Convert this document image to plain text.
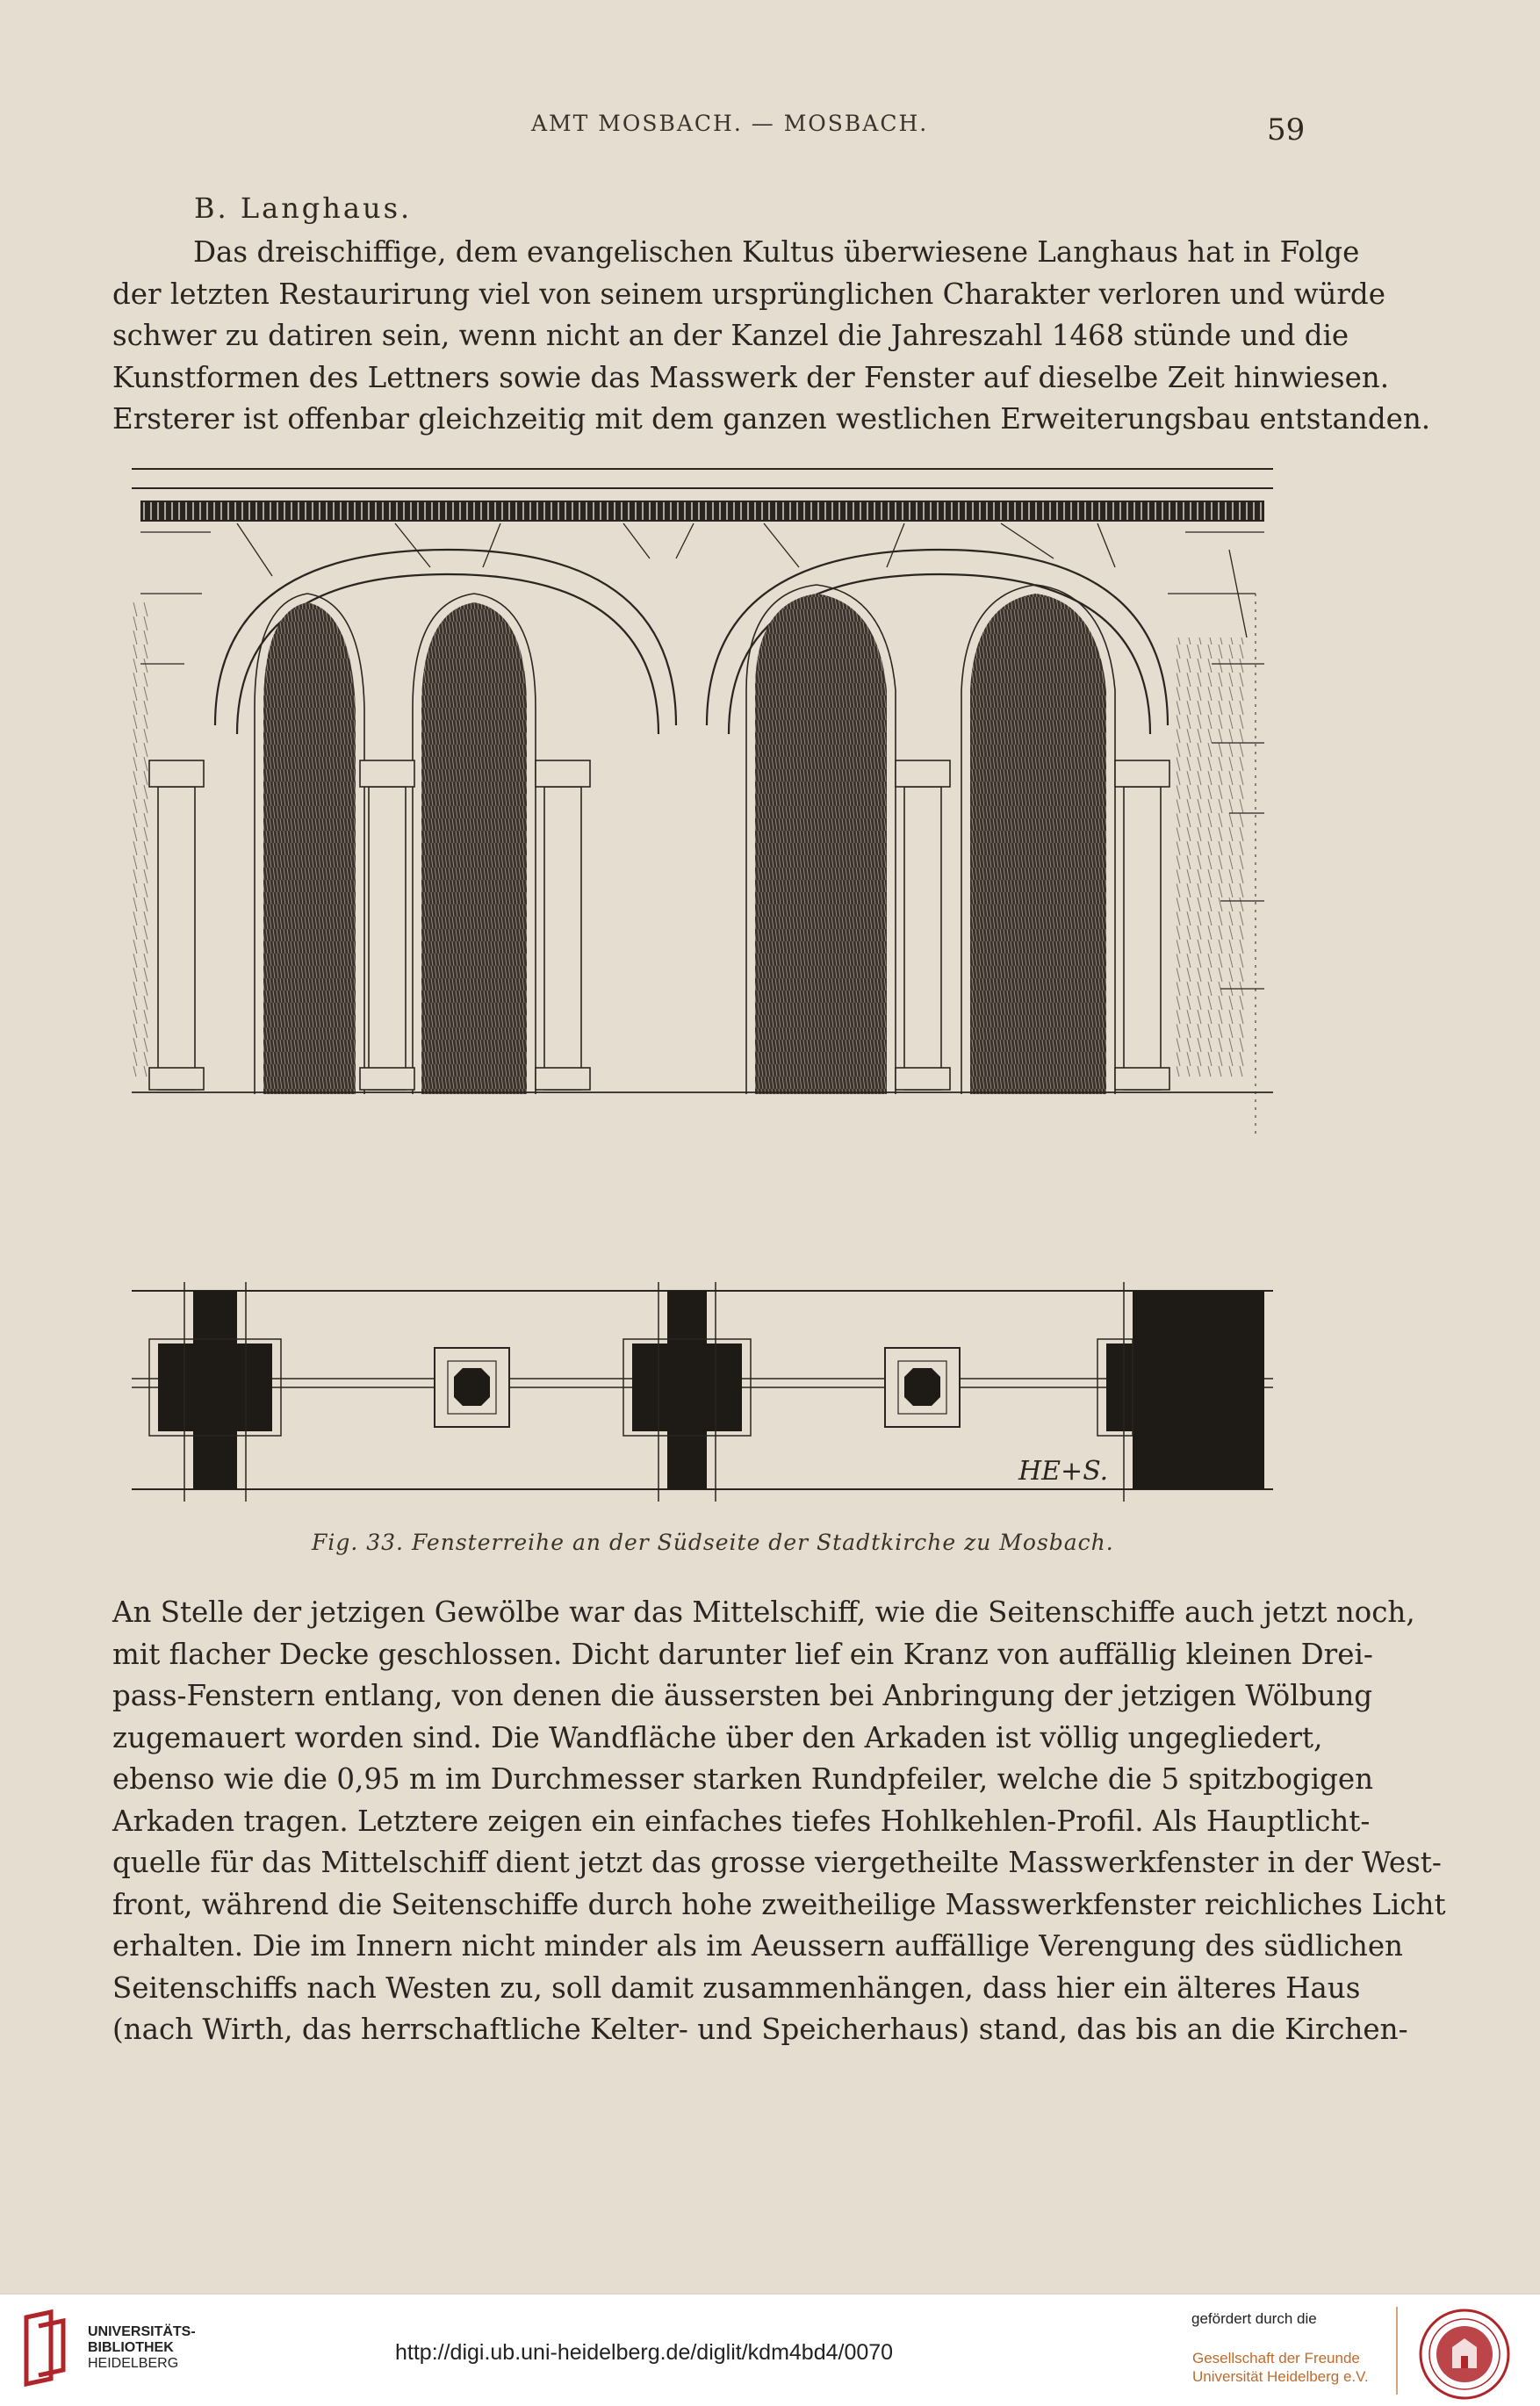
AMT MOSBACH. — MOSBACH.	59
B. Langhaus.
Das dreischiffige, dem evangelischen Kultus überwiesene Langhaus hat in Folge
der letzten Restaurirung viel von seinem ursprünglichen Charakter verloren und würde
schwer zu datiren sein, wenn nicht an der Kanzel die Jahreszahl 1468 stünde und die
Kunstformen des Lettners sowie das Masswerk der Fenster auf dieselbe Zeit hinwiesen.
Ersterer ist offenbar gleichzeitig mit dem ganzen westlichen Erweiterungsbau entstanden.
HE+S.
Fig. 33. Fensterreihe an der Südseite der Stadtkirche zu Mosbach.
An Stelle der jetzigen Gewölbe war das Mittelschiff, wie die Seitenschiffe auch jetzt noch,
mit flacher Decke geschlossen. Dicht darunter lief ein Kranz von auffällig kleinen Drei-
pass-Fenstern entlang, von denen die äussersten bei Anbringung der jetzigen Wölbung
zugemauert worden sind. Die Wandfläche über den Arkaden ist völlig ungegliedert,
ebenso wie die 0,95 m im Durchmesser starken Rundpfeiler, welche die 5 spitzbogigen
Arkaden tragen. Letztere zeigen ein einfaches tiefes Hohlkehlen-Profil. Als Hauptlicht-
quelle für das Mittelschiff dient jetzt das grosse viergetheilte Masswerkfenster in der West-
front, während die Seitenschiffe durch hohe zweitheilige Masswerkfenster reichliches Licht
erhalten. Die im Innern nicht minder als im Aeussern auffällige Verengung des südlichen
Seitenschiffs nach Westen zu, soll damit zusammenhängen, dass hier ein älteres Haus
(nach Wirth, das herrschaftliche Kelter- und Speicherhaus) stand, das bis an die Kirchen-
UNIVERSITÄTS-
BIBLIOTHEK
HEIDELBERG	http://digi.ub.uni-heidelberg.de/diglit/kdm4bd4/0070
gefördert durch die
Gesellschaft der Freunde
Universität Heidelberg e.V.
